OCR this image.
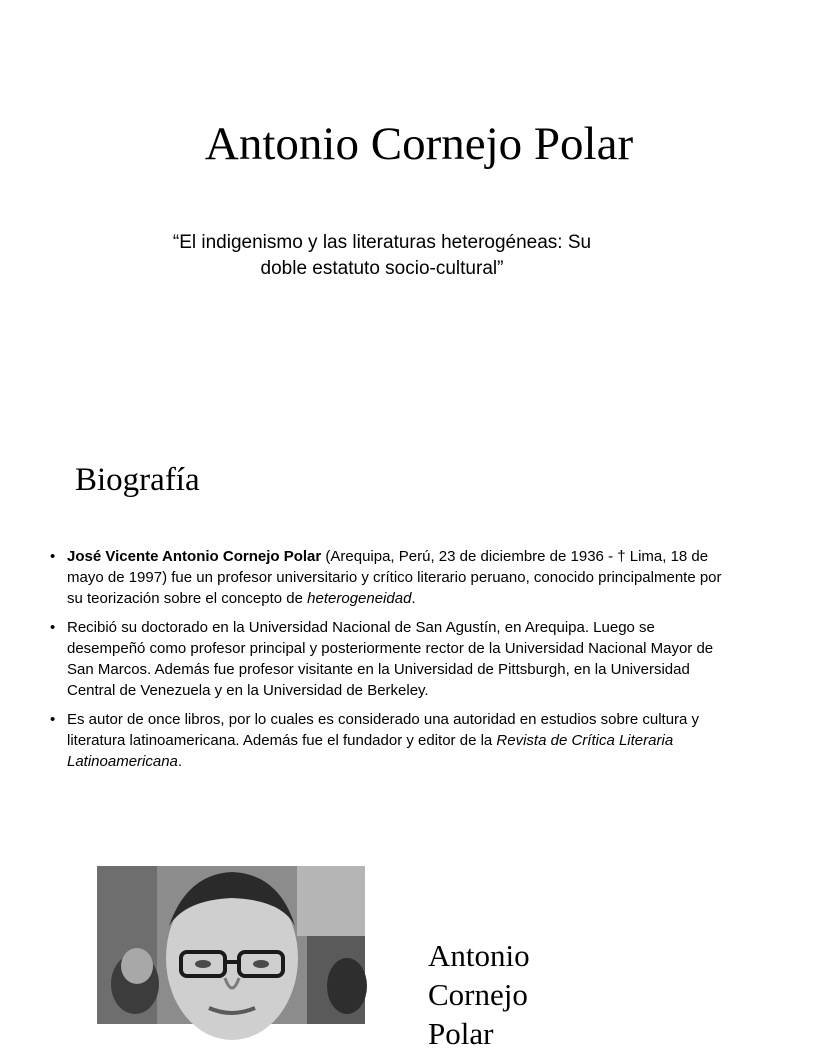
Antonio Cornejo Polar

“El indigenismo y las literaturas heterogéneas: Su
doble estatuto socio-cultural”

Biografía
• José Vicente Antonio Cornejo Polar (Arequipa, Perú, 23 de diciembre de 1936 - † Lima, 18 de mayo de 1997) fue un profesor universitario y crítico literario peruano, conocido principalmente por su teorización sobre el concepto de heterogeneidad.
• Recibió su doctorado en la Universidad Nacional de San Agustín, en Arequipa. Luego se desempeñó como profesor principal y posteriormente rector de la Universidad Nacional Mayor de San Marcos. Además fue profesor visitante en la Universidad de Pittsburgh, en la Universidad Central de Venezuela y en la Universidad de Berkeley.
• Es autor de once libros, por lo cuales es considerado una autoridad en estudios sobre cultura y literatura latinoamericana. Además fue el fundador y editor de la Revista de Crítica Literaria Latinoamericana.
Antonio
Cornejo
Polar
